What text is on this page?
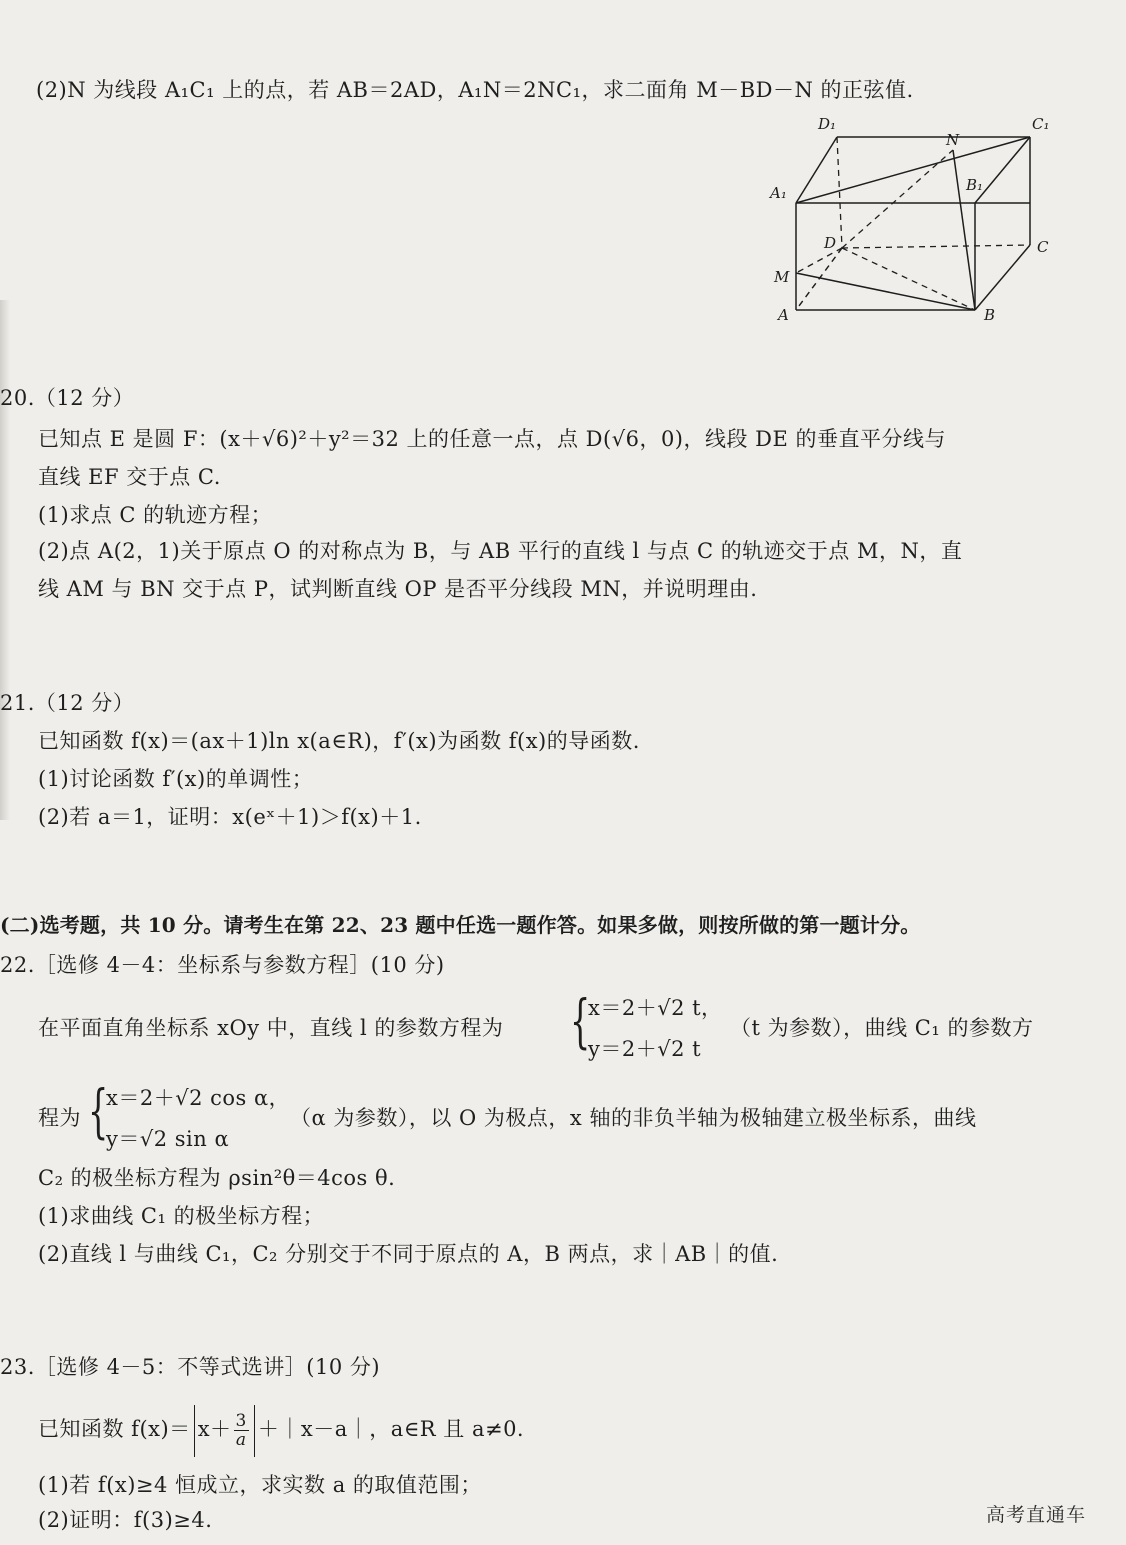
(2)N 为线段 A₁C₁ 上的点，若 AB＝2AD，A₁N＝2NC₁，求二面角 M－BD－N 的正弦值.
D₁	C₁
N
A₁	B₁
D	C
M
A	B
20.（12 分）
已知点 E 是圆 F：(x＋√6)²＋y²＝32 上的任意一点，点 D(√6，0)，线段 DE 的垂直平分线与
直线 EF 交于点 C.
(1)求点 C 的轨迹方程；
(2)点 A(2，1)关于原点 O 的对称点为 B，与 AB 平行的直线 l 与点 C 的轨迹交于点 M，N，直
线 AM 与 BN 交于点 P，试判断直线 OP 是否平分线段 MN，并说明理由.
21.（12 分）
已知函数 f(x)＝(ax＋1)ln x(a∈R)，f′(x)为函数 f(x)的导函数.
(1)讨论函数 f′(x)的单调性；
(2)若 a＝1，证明：x(eˣ＋1)＞f(x)＋1.
(二)选考题，共 10 分。请考生在第 22、23 题中任选一题作答。如果多做，则按所做的第一题计分。
22.［选修 4－4：坐标系与参数方程］(10 分)
在平面直角坐标系 xOy 中，直线 l 的参数方程为 {
x＝2＋√2 t，
y＝2＋√2 t
（t 为参数），曲线 C₁ 的参数方
程为 {
x＝2＋√2 cos α，
y＝√2 sin α
（α 为参数），以 O 为极点，x 轴的非负半轴为极轴建立极坐标系，曲线
C₂ 的极坐标方程为 ρsin²θ＝4cos θ.
(1)求曲线 C₁ 的极坐标方程；
(2)直线 l 与曲线 C₁，C₂ 分别交于不同于原点的 A，B 两点，求｜AB｜的值.
23.［选修 4－5：不等式选讲］(10 分)
已知函数 $f(x)= x+ \frac{3}{a}$ ＋｜x－a｜，a∈R 且 a≠0.
(1)若 f(x)≥4 恒成立，求实数 a 的取值范围；
(2)证明：f(3)≥4.	高考直通车
